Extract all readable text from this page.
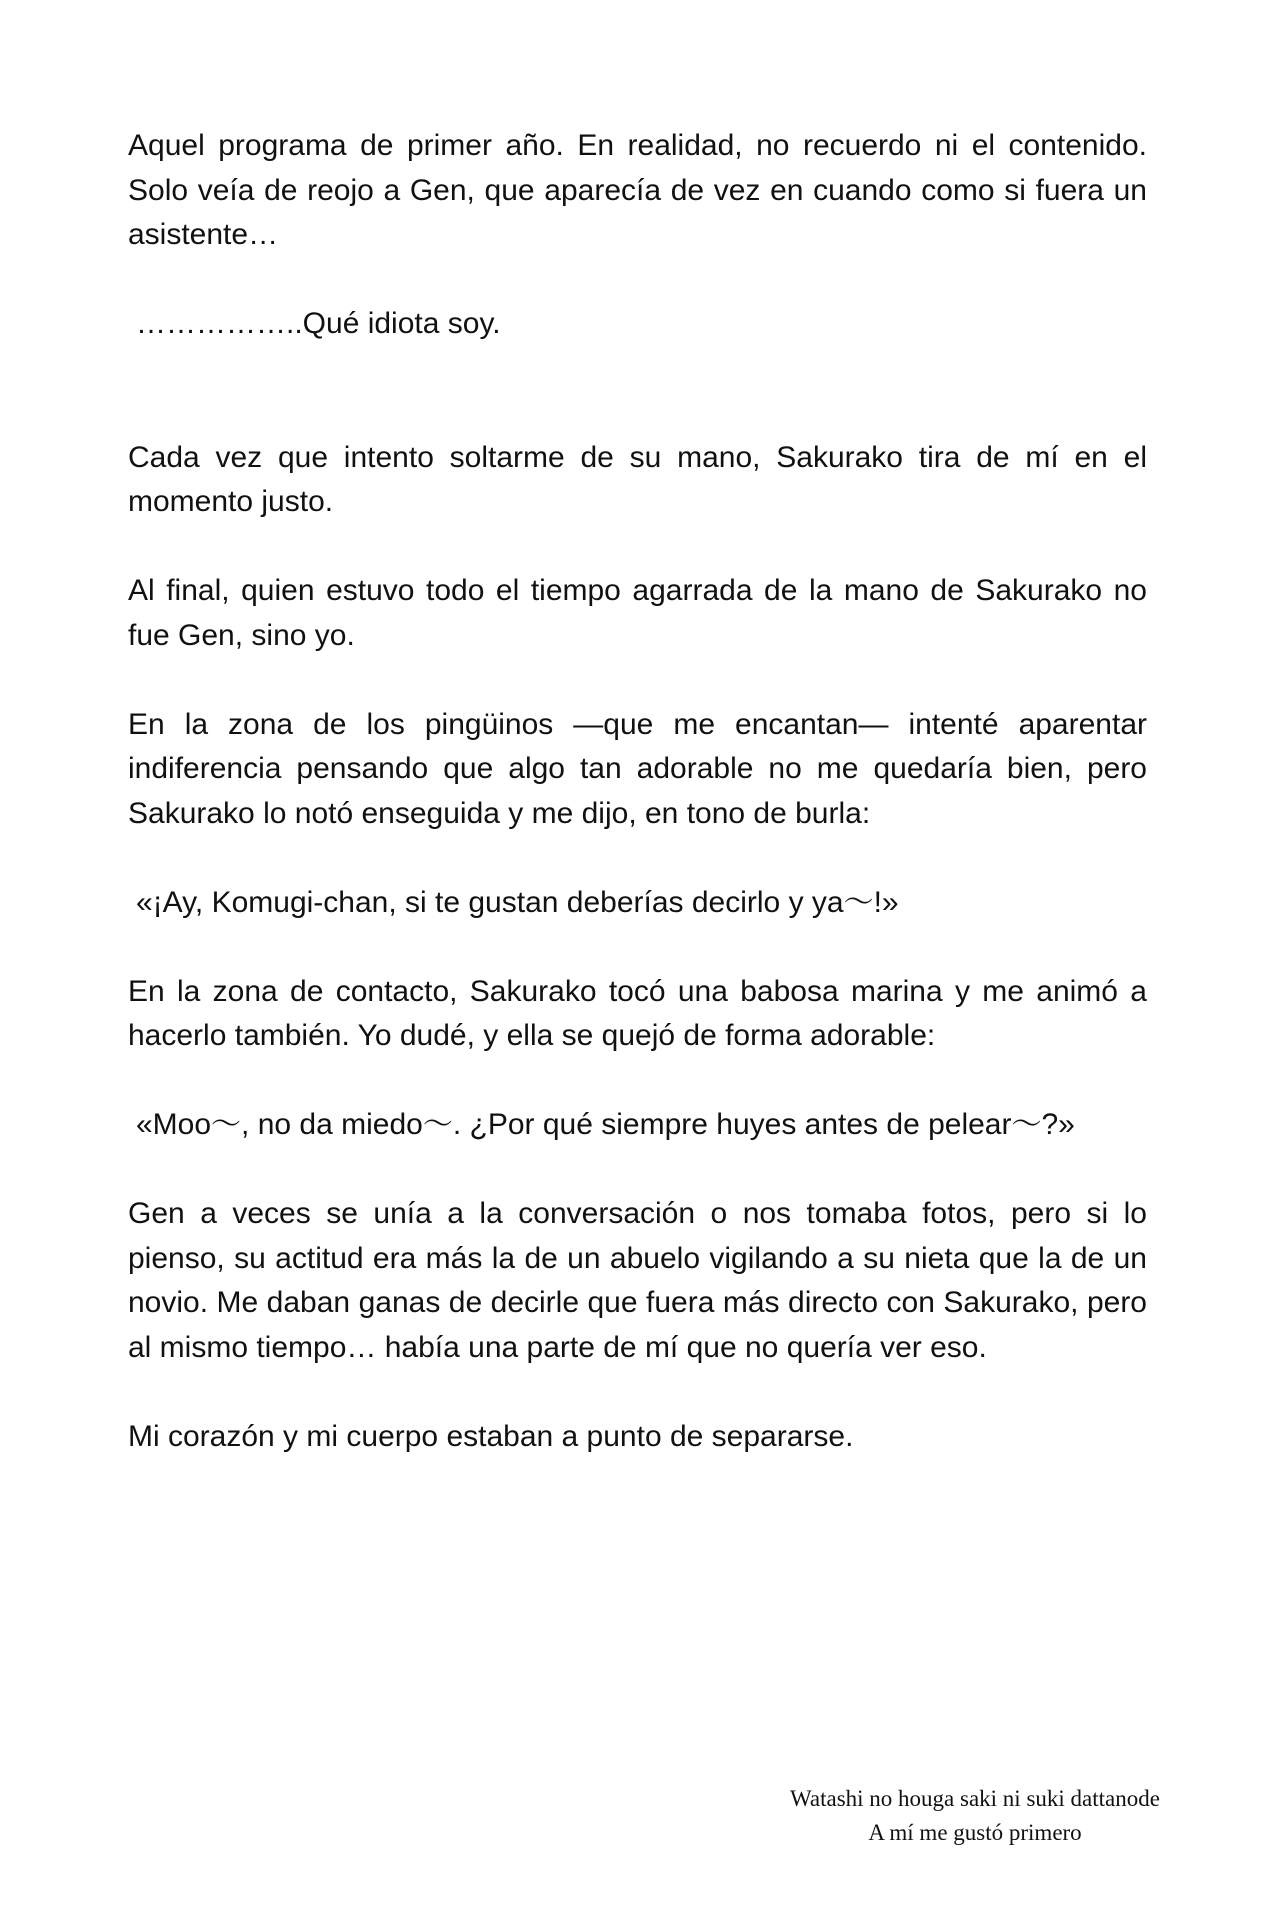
Aquel programa de primer año. En realidad, no recuerdo ni el contenido. Solo veía de reojo a Gen, que aparecía de vez en cuando como si fuera un asistente…

……………..Qué idiota soy.

Cada vez que intento soltarme de su mano, Sakurako tira de mí en el momento justo.

Al final, quien estuvo todo el tiempo agarrada de la mano de Sakurako no fue Gen, sino yo.

En la zona de los pingüinos —que me encantan— intenté aparentar indiferencia pensando que algo tan adorable no me quedaría bien, pero Sakurako lo notó enseguida y me dijo, en tono de burla:

«¡Ay, Komugi-chan, si te gustan deberías decirlo y ya〜!»

En la zona de contacto, Sakurako tocó una babosa marina y me animó a hacerlo también. Yo dudé, y ella se quejó de forma adorable:

«Moo〜, no da miedo〜. ¿Por qué siempre huyes antes de pelear〜?»

Gen a veces se unía a la conversación o nos tomaba fotos, pero si lo pienso, su actitud era más la de un abuelo vigilando a su nieta que la de un novio. Me daban ganas de decirle que fuera más directo con Sakurako, pero al mismo tiempo… había una parte de mí que no quería ver eso.

Mi corazón y mi cuerpo estaban a punto de separarse.

Watashi no houga saki ni suki dattanode
A mí me gustó primero
